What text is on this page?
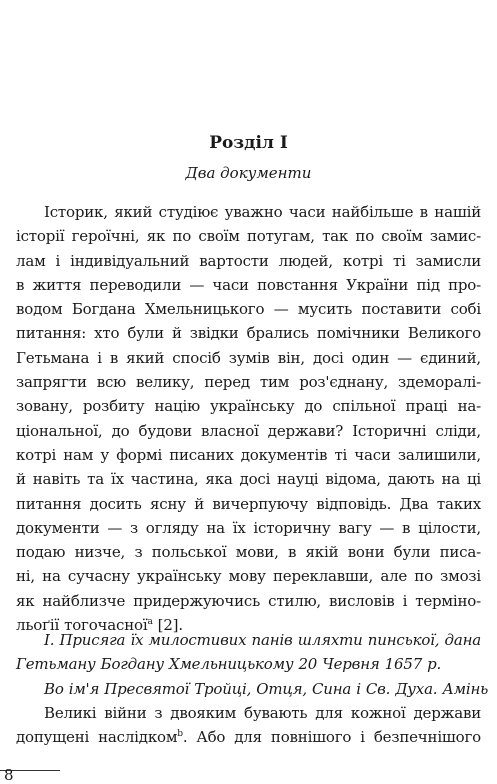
Розділ I
Два документи
Історик, який студіює уважно часи найбільше в нашій
історії героїчні, як по своїм потугам, так по своїм замис-
лам і індивідуальний вартости людей, котрі ті замисли
в життя переводили — часи повстання України під про-
водом Богдана Хмельницького — мусить поставити собі
питання: хто були й звідки брались помічники Великого
Гетьмана і в який спосіб зумів він, досі один — єдиний,
запрягти всю велику, перед тим роз'єднану, здеморалі-
зовану, розбиту націю українську до спільної праці на-
ціональної, до будови власної держави? Історичні сліди,
котрі нам у формі писаних документів ті часи залишили,
й навіть та їх частина, яка досі науці відома, дають на ці
питання досить ясну й вичерпуючу відповідь. Два таких
документи — з огляду на їх історичну вагу — в цілости,
подаю низче, з польської мови, в якій вони були писа-
ні, на сучасну українську мову переклавши, але по змозі
як найблизче придержуючись стилю, висловів і терміно-
льоґії тогочасної$^a$ [2].
I. Присяга їх милостивих панів шляхти пинської, дана
Гетьману Богдану Хмельницькому 20 Червня 1657 р.
Во ім'я Пресвятої Тройці, Отця, Сина і Св. Духа. Амінь
Великі війни з двояким бувають для кожної держави
допущені наслідком$^b$. Або для повнішого і безпечнішого
8
